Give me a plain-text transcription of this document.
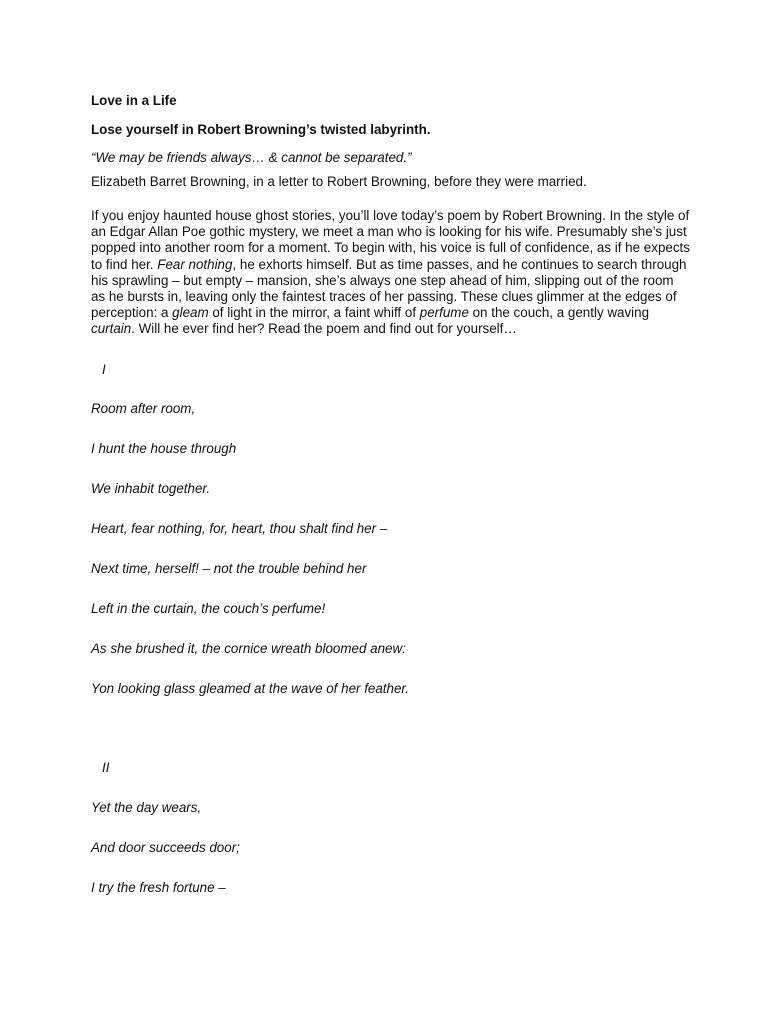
Love in a Life

Lose yourself in Robert Browning’s twisted labyrinth.

“We may be friends always… & cannot be separated.”

Elizabeth Barret Browning, in a letter to Robert Browning, before they were married.

If you enjoy haunted house ghost stories, you’ll love today’s poem by Robert Browning. In the style of an Edgar Allan Poe gothic mystery, we meet a man who is looking for his wife. Presumably she’s just popped into another room for a moment. To begin with, his voice is full of confidence, as if he expects to find her. Fear nothing, he exhorts himself. But as time passes, and he continues to search through his sprawling – but empty – mansion, she’s always one step ahead of him, slipping out of the room as he bursts in, leaving only the faintest traces of her passing. These clues glimmer at the edges of perception: a gleam of light in the mirror, a faint whiff of perfume on the couch, a gently waving curtain. Will he ever find her? Read the poem and find out for yourself…

I
Room after room,
I hunt the house through
We inhabit together.
Heart, fear nothing, for, heart, thou shalt find her –
Next time, herself! – not the trouble behind her
Left in the curtain, the couch’s perfume!
As she brushed it, the cornice wreath bloomed anew:
Yon looking glass gleamed at the wave of her feather.
II
Yet the day wears,
And door succeeds door;
I try the fresh fortune –
